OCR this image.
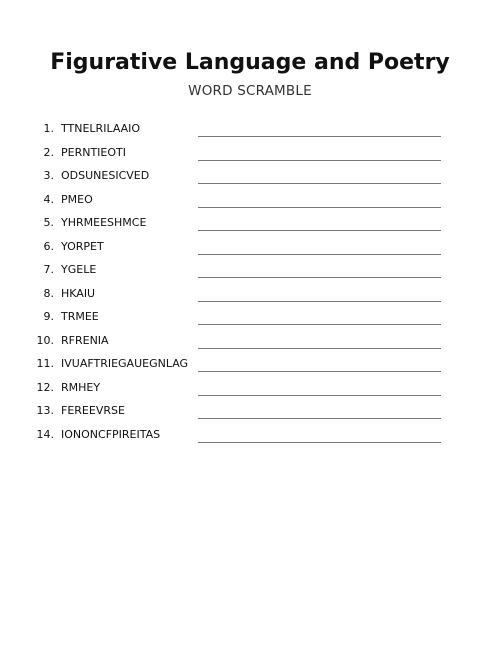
Figurative Language and Poetry
WORD SCRAMBLE
1. TTNELRILAAIO
2. PERNTIEOTI
3. ODSUNESICVED
4. PMEO
5. YHRMEESHMCE
6. YORPET
7. YGELE
8. HKAIU
9. TRMEE
10. RFRENIA
11. IVUAFTRIEGAUEGNLAG
12. RMHEY
13. FEREEVRSE
14. IONONCFPIREITAS
